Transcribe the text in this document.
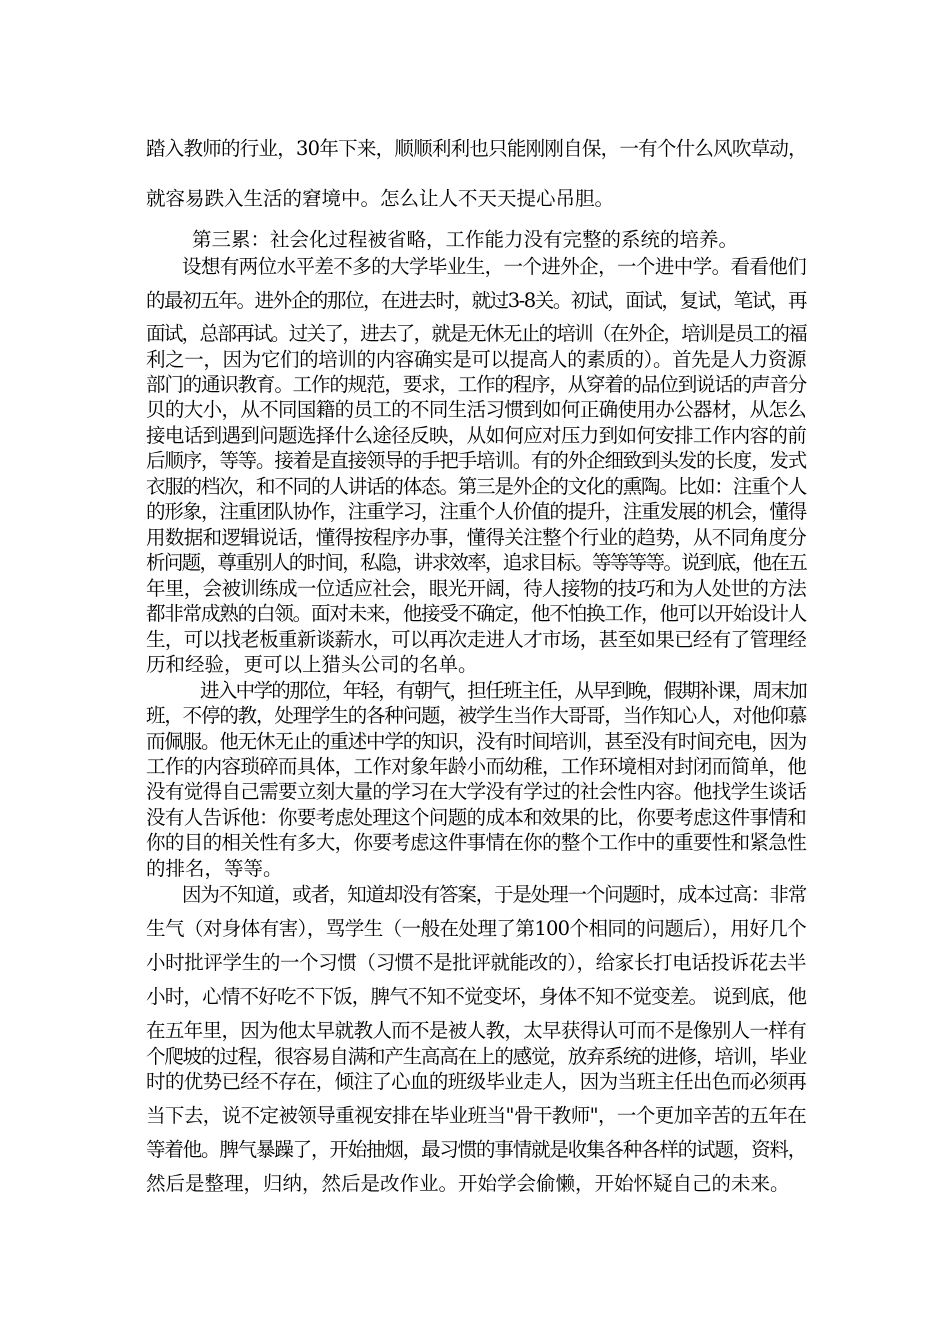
踏入教师的行业，30年下来，顺顺利利也只能刚刚自保，一有个什么风吹草动，
就容易跌入生活的窘境中。怎么让人不天天提心吊胆。
第三累：社会化过程被省略，工作能力没有完整的系统的培养。
设想有两位水平差不多的大学毕业生，一个进外企，一个进中学。看看他们
的最初五年。进外企的那位，在进去时，就过3-8关。初试，面试，复试，笔试，再
面试，总部再试。过关了，进去了，就是无休无止的培训（在外企，培训是员工的福
利之一，因为它们的培训的内容确实是可以提高人的素质的）。首先是人力资源
部门的通识教育。工作的规范，要求，工作的程序，从穿着的品位到说话的声音分
贝的大小，从不同国籍的员工的不同生活习惯到如何正确使用办公器材，从怎么
接电话到遇到问题选择什么途径反映，从如何应对压力到如何安排工作内容的前
后顺序，等等。接着是直接领导的手把手培训。有的外企细致到头发的长度，发式
衣服的档次，和不同的人讲话的体态。第三是外企的文化的熏陶。比如：注重个人
的形象，注重团队协作，注重学习，注重个人价值的提升，注重发展的机会，懂得
用数据和逻辑说话，懂得按程序办事，懂得关注整个行业的趋势，从不同角度分
析问题，尊重别人的时间，私隐，讲求效率，追求目标。等等等等。说到底，他在五
年里，会被训练成一位适应社会，眼光开阔，待人接物的技巧和为人处世的方法
都非常成熟的白领。面对未来，他接受不确定，他不怕换工作，他可以开始设计人
生，可以找老板重新谈薪水，可以再次走进人才市场，甚至如果已经有了管理经
历和经验，更可以上猎头公司的名单。
进入中学的那位，年轻，有朝气，担任班主任，从早到晚，假期补课，周末加
班，不停的教，处理学生的各种问题，被学生当作大哥哥，当作知心人，对他仰慕
而佩服。他无休无止的重述中学的知识，没有时间培训，甚至没有时间充电，因为
工作的内容琐碎而具体，工作对象年龄小而幼稚，工作环境相对封闭而简单，他
没有觉得自己需要立刻大量的学习在大学没有学过的社会性内容。他找学生谈话
没有人告诉他：你要考虑处理这个问题的成本和效果的比，你要考虑这件事情和
你的目的相关性有多大，你要考虑这件事情在你的整个工作中的重要性和紧急性
的排名，等等。
因为不知道，或者，知道却没有答案，于是处理一个问题时，成本过高：非常
生气（对身体有害），骂学生（一般在处理了第100个相同的问题后），用好几个
小时批评学生的一个习惯（习惯不是批评就能改的），给家长打电话投诉花去半
小时，心情不好吃不下饭，脾气不知不觉变坏，身体不知不觉变差。 说到底，他
在五年里，因为他太早就教人而不是被人教，太早获得认可而不是像别人一样有
个爬坡的过程，很容易自满和产生高高在上的感觉，放弃系统的进修，培训，毕业
时的优势已经不存在，倾注了心血的班级毕业走人，因为当班主任出色而必须再
当下去，说不定被领导重视安排在毕业班当"骨干教师"，一个更加辛苦的五年在
等着他。脾气暴躁了，开始抽烟，最习惯的事情就是收集各种各样的试题，资料，
然后是整理，归纳，然后是改作业。开始学会偷懒，开始怀疑自己的未来。
